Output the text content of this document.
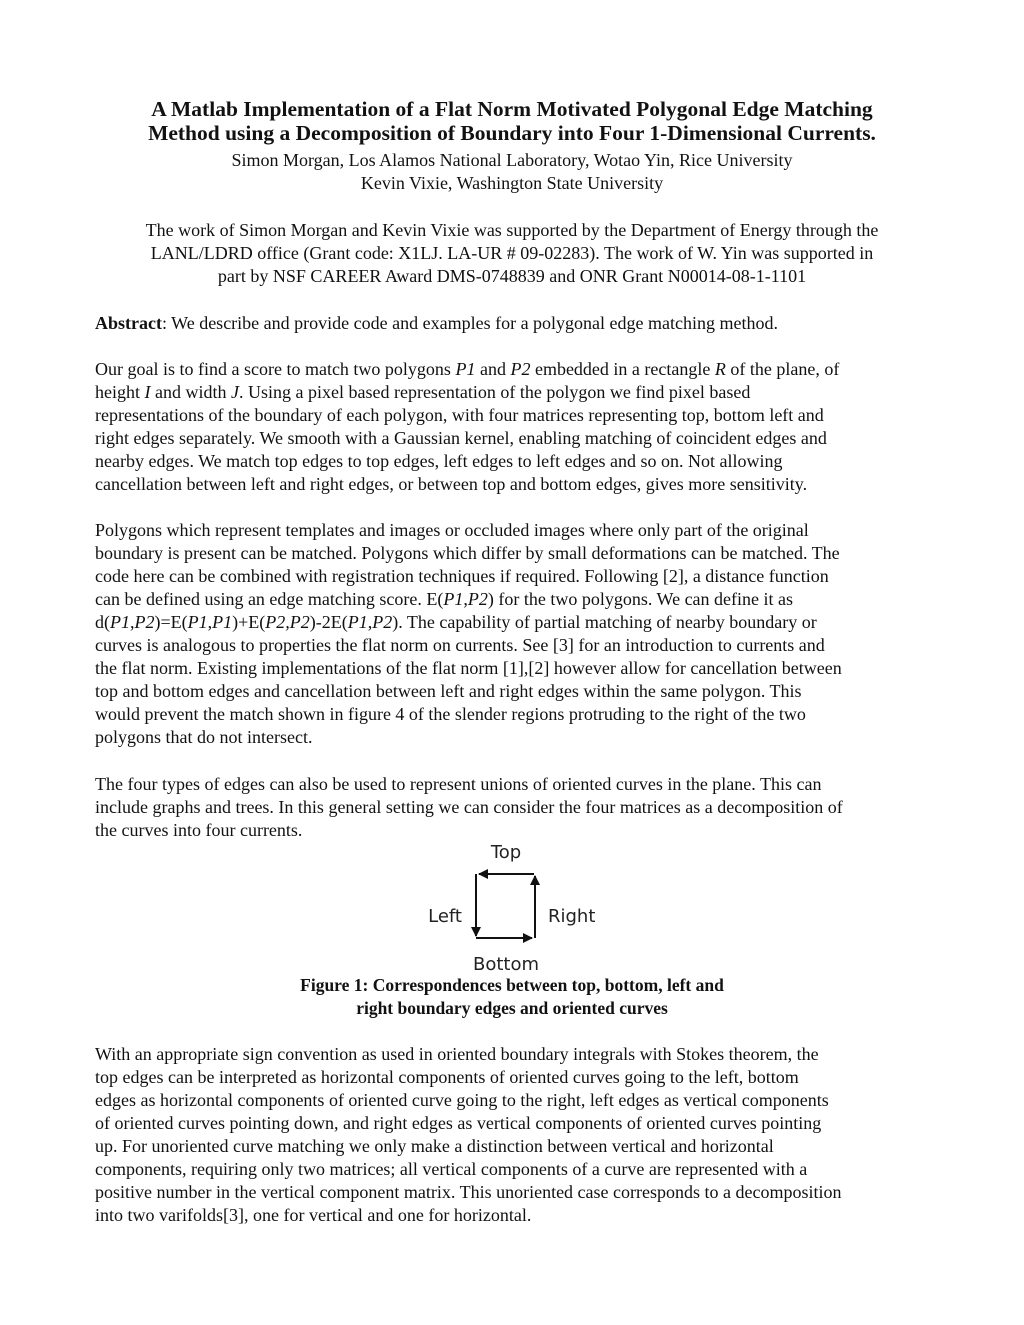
A Matlab Implementation of a Flat Norm Motivated Polygonal Edge Matching
Method using a Decomposition of Boundary into Four 1-Dimensional Currents.
Simon Morgan, Los Alamos National Laboratory, Wotao Yin, Rice University
Kevin Vixie, Washington State University
The work of Simon Morgan and Kevin Vixie was supported by the Department of Energy through the
LANL/LDRD office (Grant code: X1LJ. LA-UR # 09-02283). The work of W. Yin was supported in
part by NSF CAREER Award DMS-0748839 and ONR Grant N00014-08-1-1101
Abstract: We describe and provide code and examples for a polygonal edge matching method.
Our goal is to find a score to match two polygons P1 and P2 embedded in a rectangle R of the plane, of
height I and width J. Using a pixel based representation of the polygon we find pixel based
representations of the boundary of each polygon, with four matrices representing top, bottom left and
right edges separately. We smooth with a Gaussian kernel, enabling matching of coincident edges and
nearby edges. We match top edges to top edges, left edges to left edges and so on. Not allowing
cancellation between left and right edges, or between top and bottom edges, gives more sensitivity.
Polygons which represent templates and images or occluded images where only part of the original
boundary is present can be matched. Polygons which differ by small deformations can be matched. The
code here can be combined with registration techniques if required. Following [2], a distance function
can be defined using an edge matching score. E(P1,P2) for the two polygons. We can define it as
d(P1,P2)=E(P1,P1)+E(P2,P2)-2E(P1,P2). The capability of partial matching of nearby boundary or
curves is analogous to properties the flat norm on currents. See [3] for an introduction to currents and
the flat norm. Existing implementations of the flat norm [1],[2] however allow for cancellation between
top and bottom edges and cancellation between left and right edges within the same polygon. This
would prevent the match shown in figure 4 of the slender regions protruding to the right of the two
polygons that do not intersect.
The four types of edges can also be used to represent unions of oriented curves in the plane. This can
include graphs and trees. In this general setting we can consider the four matrices as a decomposition of
the curves into four currents.
Top
Left	Right
Bottom
Figure 1: Correspondences between top, bottom, left and
right boundary edges and oriented curves
With an appropriate sign convention as used in oriented boundary integrals with Stokes theorem, the
top edges can be interpreted as horizontal components of oriented curves going to the left, bottom
edges as horizontal components of oriented curve going to the right, left edges as vertical components
of oriented curves pointing down, and right edges as vertical components of oriented curves pointing
up. For unoriented curve matching we only make a distinction between vertical and horizontal
components, requiring only two matrices; all vertical components of a curve are represented with a
positive number in the vertical component matrix. This unoriented case corresponds to a decomposition
into two varifolds[3], one for vertical and one for horizontal.
